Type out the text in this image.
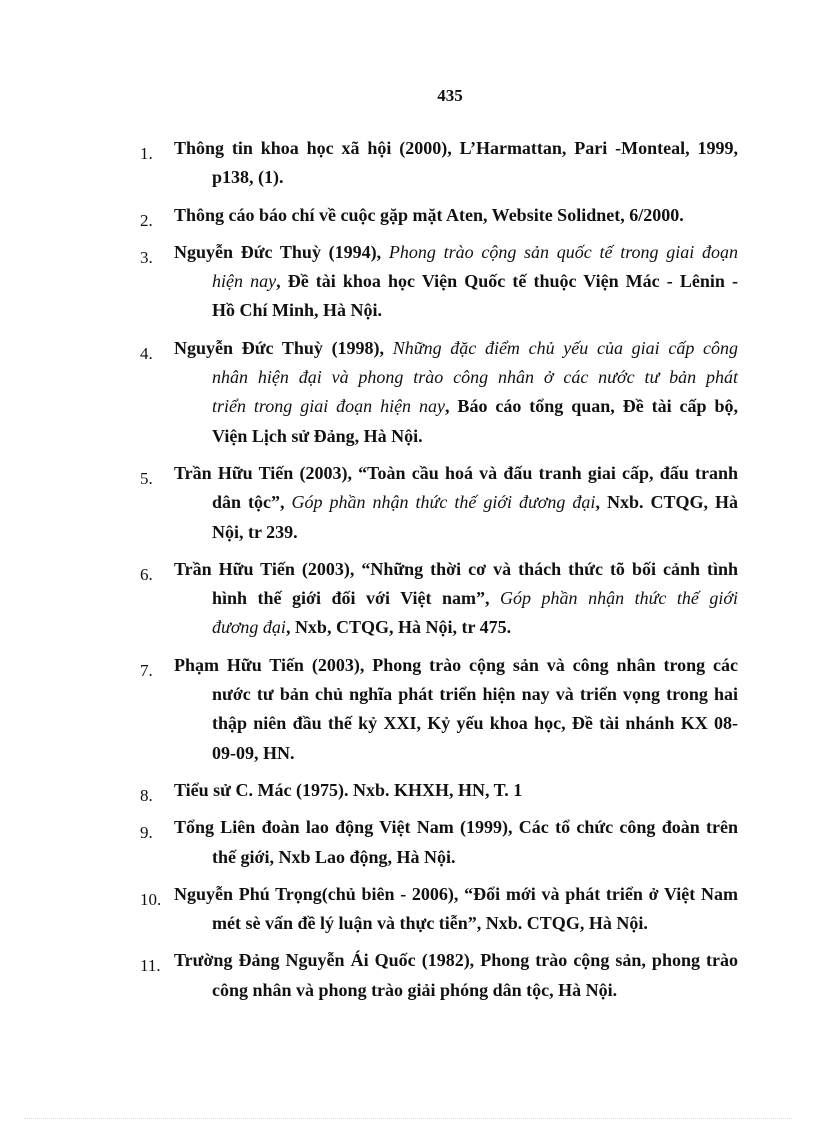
435
1. Thông tin khoa học xã hội (2000), L’Harmattan, Pari -Monteal, 1999,
p138, (1).
2. Thông cáo báo chí về cuộc gặp mặt Aten, Website Solidnet, 6/2000.
3. Nguyễn Đức Thuỳ (1994), Phong trào cộng sản quốc tế trong giai đoạn
hiện nay, Đề tài khoa học Viện Quốc tế thuộc Viện Mác - Lênin -
Hồ Chí Minh, Hà Nội.
4. Nguyễn Đức Thuỳ (1998), Những đặc điểm chủ yếu của giai cấp công
nhân hiện đại và phong trào công nhân ở các nước tư bản phát
triển trong giai đoạn hiện nay, Báo cáo tổng quan, Đề tài cấp bộ,
Viện Lịch sử Đảng, Hà Nội.
5. Trần Hữu Tiến (2003), “Toàn cầu hoá và đấu tranh giai cấp, đấu tranh
dân tộc”, Góp phần nhận thức thế giới đương đại, Nxb. CTQG, Hà
Nội, tr 239.
6. Trần Hữu Tiến (2003), “Những thời cơ và thách thức tõ bối cảnh tình
hình thế giới đối với Việt nam”, Góp phần nhận thức thế giới
đương đại, Nxb, CTQG, Hà Nội, tr 475.
7. Phạm Hữu Tiến (2003), Phong trào cộng sản và công nhân trong các
nước tư bản chủ nghĩa phát triển hiện nay và triển vọng trong hai
thập niên đầu thế kỷ XXI, Kỷ yếu khoa học, Đề tài nhánh KX 08-
09-09, HN.
8. Tiểu sử C. Mác (1975). Nxb. KHXH, HN, T. 1
9. Tổng Liên đoàn lao động Việt Nam (1999), Các tổ chức công đoàn trên
thế giới, Nxb Lao động, Hà Nội.
10. Nguyễn Phú Trọng(chủ biên - 2006), “Đổi mới và phát triển ở Việt Nam
mét sè vấn đề lý luận và thực tiễn”, Nxb. CTQG, Hà Nội.
11. Trường Đảng Nguyễn Ái Quốc (1982), Phong trào cộng sản, phong trào
công nhân và phong trào giải phóng dân tộc, Hà Nội.
